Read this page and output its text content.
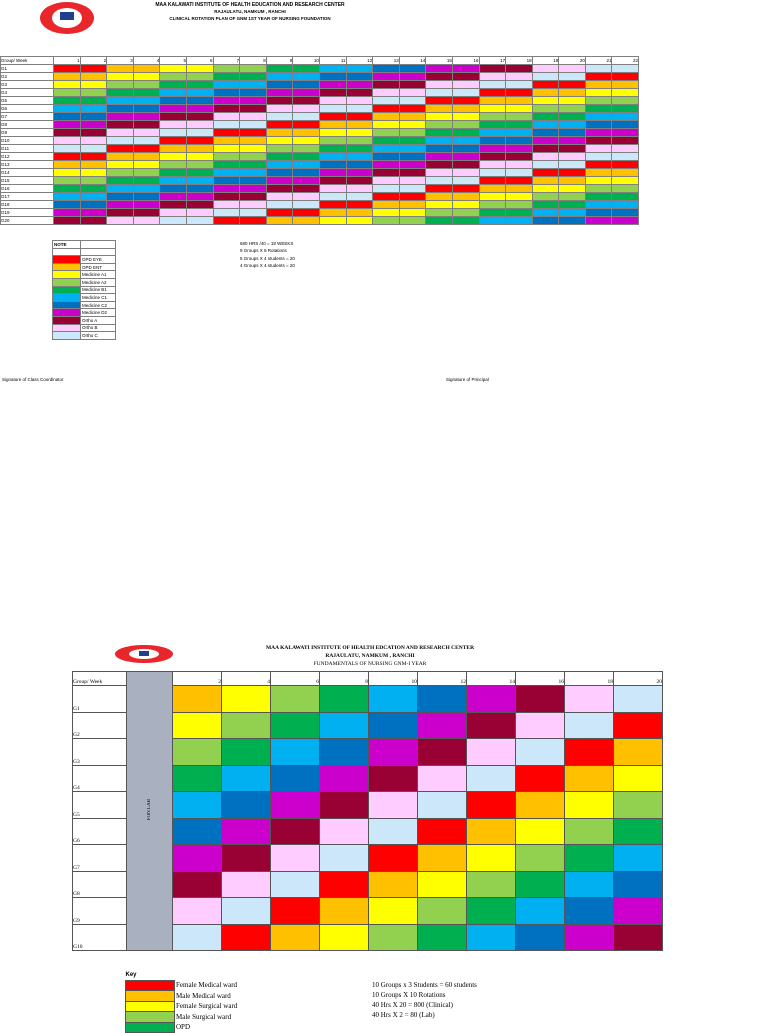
MAA KALAWATI INSTITUTE OF HEALTH EDUCATION AND RESEARCH CENTER
RAJAULATU, NAMKUM , RANCHI
CLINICAL ROTATION PLAN OF GNM 1ST YEAR OF NURSING FOUNDATION
Group/ Week	1	2	3	4	5	6	7	8	9	10	11	12	13	14	15	16	17	18	19	20	21	22
G1																						
G2																						
G3																						
G4																						
G5																						
G6																						
G7																						
G8																						
G9																						
G10																						
G11																						
G12																						
G13																						
G14																						
G15																						
G16																						
G17																						
G18																						
G19																						
G20																						
NOTE	

	OPD EYE
	OPD ENT
	Medicine A1
	Medicine A2
	Medicine B1
	Medicine C1
	Medicine C2
	Medicine D2
	Ortho A
	Ortho B
	Ortho C
680 HRS /40 = 18 WEEKS
9 Groups X 9 Rotations
5 Groups X 4 students = 20
4 Groups X 4 students = 20
Signature of Class Coordinator	Signature of Principal
MAA KALAWATI INSTITUTE OF HEALTH EDCATION AND RESEARCH CENTER
RAJAULATU, NAMKUM , RANCHI
FUNDAMENTALS OF NURSING GNM-I YEAR
Group/ Week	FON LAB	2	4	6	8	10	12	14	16	18	20
G1											
G2											
G3											
G4											
G5											
G6											
G7											
G8											
G9											
G10											
Key	
	Female Medical ward
	Male Medical ward
	Female Surgical ward
	Male Surgical ward
	OPD
10 Groups x 3 Students = 60 students
10 Groups X 10 Rotations
40 Hrs X 20 = 800 (Clinical)
40 Hrs X 2 = 80 (Lab)
